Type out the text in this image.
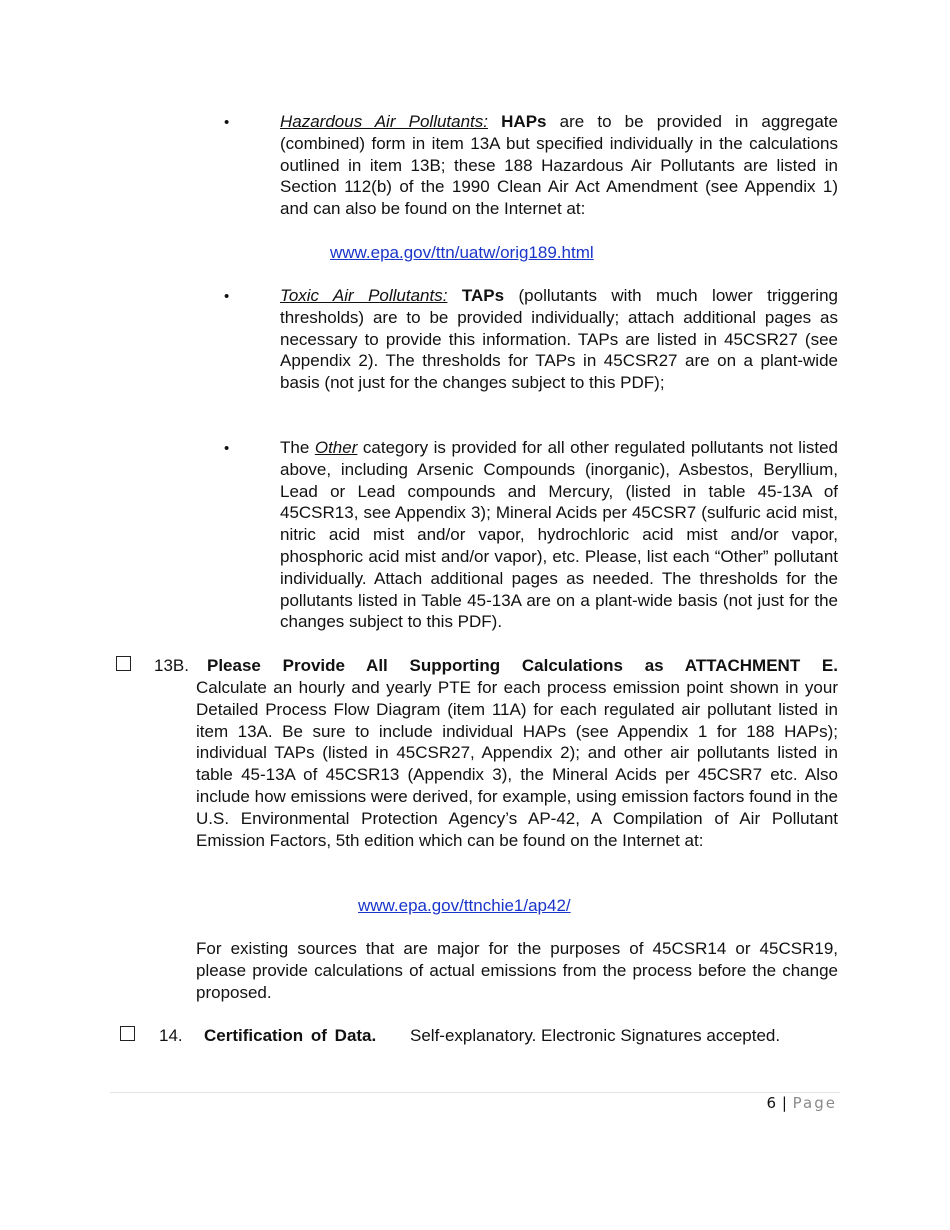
•	Hazardous Air Pollutants: HAPs are to be provided in aggregate (combined) form in item 13A but specified individually in the calculations outlined in item 13B; these 188 Hazardous Air Pollutants are listed in Section 112(b) of the 1990 Clean Air Act Amendment (see Appendix 1) and can also be found on the Internet at:

www.epa.gov/ttn/uatw/orig189.html
•	Toxic Air Pollutants: TAPs (pollutants with much lower triggering thresholds) are to be provided individually; attach additional pages as necessary to provide this information. TAPs are listed in 45CSR27 (see Appendix 2). The thresholds for TAPs in 45CSR27 are on a plant-wide basis (not just for the changes subject to this PDF);

•	The Other category is provided for all other regulated pollutants not listed above, including Arsenic Compounds (inorganic), Asbestos, Beryllium, Lead or Lead compounds and Mercury, (listed in table 45-13A of 45CSR13, see Appendix 3); Mineral Acids per 45CSR7 (sulfuric acid mist, nitric acid mist and/or vapor, hydrochloric acid mist and/or vapor, phosphoric acid mist and/or vapor), etc. Please, list each “Other” pollutant individually. Attach additional pages as needed. The thresholds for the pollutants listed in Table 45-13A are on a plant-wide basis (not just for the changes subject to this PDF).

13B. Please Provide All Supporting Calculations as ATTACHMENT E.

Calculate an hourly and yearly PTE for each process emission point shown in your Detailed Process Flow Diagram (item 11A) for each regulated air pollutant listed in item 13A. Be sure to include individual HAPs (see Appendix 1 for 188 HAPs); individual TAPs (listed in 45CSR27, Appendix 2); and other air pollutants listed in table 45-13A of 45CSR13 (Appendix 3), the Mineral Acids per 45CSR7 etc. Also include how emissions were derived, for example, using emission factors found in the U.S. Environmental Protection Agency’s AP-42, A Compilation of Air Pollutant Emission Factors, 5th edition which can be found on the Internet at:

www.epa.gov/ttnchie1/ap42/

For existing sources that are major for the purposes of 45CSR14 or 45CSR19, please provide calculations of actual emissions from the process before the change proposed.

14. Certification of Data. Self-explanatory. Electronic Signatures accepted.
6 | Page
